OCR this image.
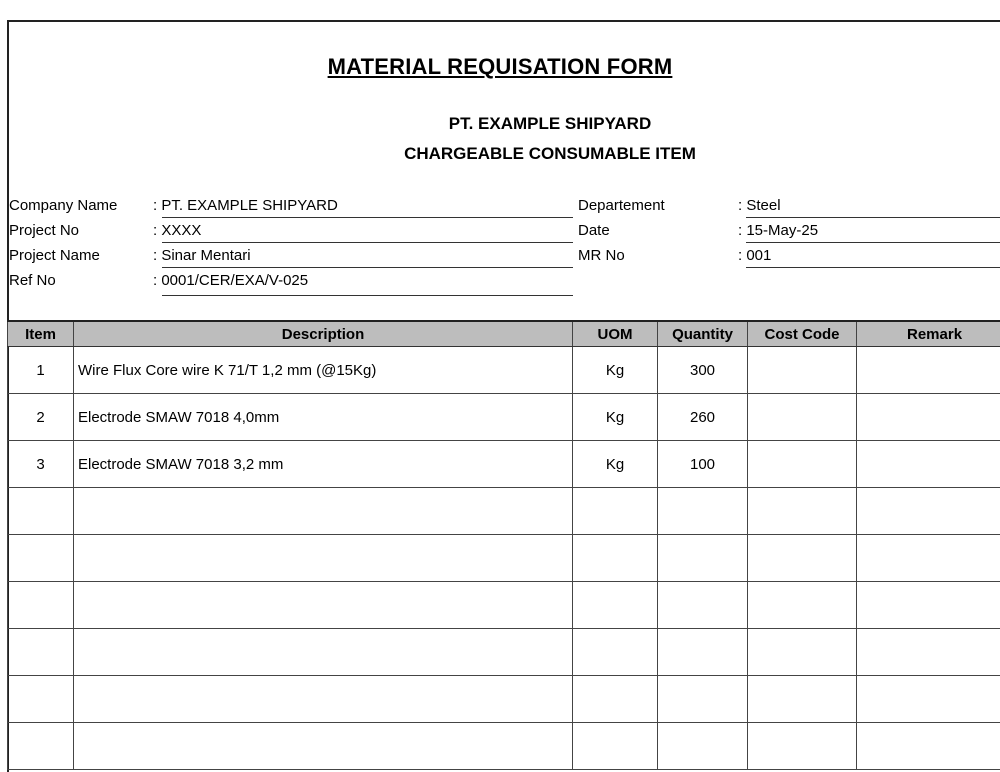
MATERIAL REQUISATION FORM
PT. EXAMPLE SHIPYARD
CHARGEABLE CONSUMABLE ITEM
Company Name : PT. EXAMPLE SHIPYARD
Project No	: XXXX
Project Name	: Sinar Mentari
Ref No	: 0001/CER/EXA/V-025
Departement	: Steel
Date	: 15-May-25
MR No	: 001
Item	Description	UOM	Quantity	Cost Code	Remark
1	Wire Flux Core wire K 71/T 1,2 mm (@15Kg)	Kg	300		
2	Electrode SMAW 7018 4,0mm	Kg	260		
3	Electrode SMAW 7018 3,2 mm	Kg	100		
